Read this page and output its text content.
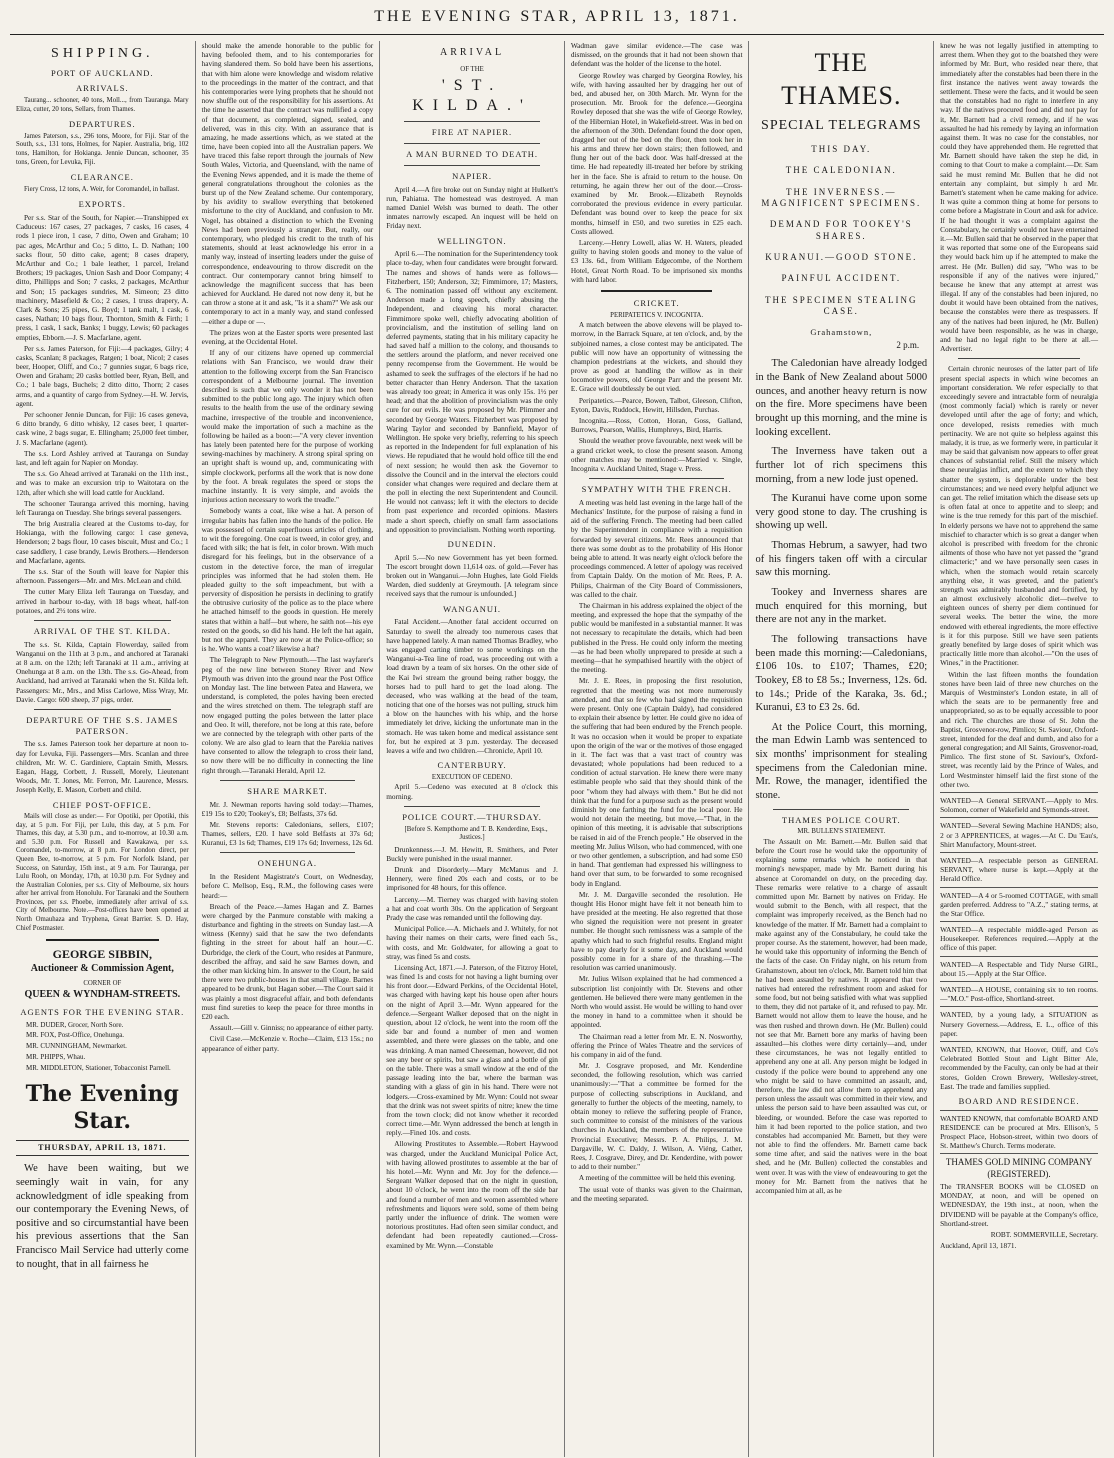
THE EVENING STAR, APRIL 13, 1871.
SHIPPING.
PORT OF AUCKLAND.
ARRIVALS.

Taurang... schooner, 40 tons, Moll..., from Tauranga. Mary Eliza, cutter, 20 tons, Sellars, from Thames.

DEPARTURES.

James Paterson, s.s., 296 tons, Moore, for Fiji. Star of the South, s.s., 131 tons, Holmes, for Napier. Australia, brig, 102 tons, Hamilton, for Hokianga. Jennie Duncan, schooner, 35 tons, Green, for Levuka, Fiji.

CLEARANCE.

Fiery Cross, 12 tons, A. Weir, for Coromandel, in ballast.

EXPORTS.

Per s.s. Star of the South, for Napier.—Transhipped ex Caduceus: 167 cases, 27 packages, 7 casks, 16 cases, 4 rods 1 piece iron, 1 case, 7 ditto, Owen and Graham; 10 pac ages, McArthur and Co.; 5 ditto, L. D. Nathan; 100 sacks flour, 50 ditto cake, agent; 8 cases drapery, McArthur and Co.; 1 bale leather, 1 parcel, Ireland Brothers; 19 packages, Union Sash and Door Company; 4 ditto, Phillipps and Son; 7 casks, 2 packages, McArthur and Son; 15 packages sundries, M. Simeon; 23 ditto machinery, Masefield & Co.; 2 cases, 1 truss drapery, A. Clark & Sons; 25 pipes, G. Boyd; 1 tank malt, 1 cask, 6 cases, Nathan; 10 bags flour, Thornton, Smith & Firth; 1 press, 1 cask, 1 sack, Banks; 1 buggy, Lewis; 60 packages empties, Ebborn.—J. S. Macfarlane, agent.

Per s.s. James Paterson, for Fiji:—4 packages, Gilry; 4 casks, Scanlan; 8 packages, Ratgen; 1 boat, Nicol; 2 cases beer, Hooper, Oliff, and Co.; 7 gunnies sugar, 6 bags rice, Owen and Graham; 20 casks bottled beer, Ryan, Bell, and Co.; 1 bale bags, Buchels; 2 ditto ditto, Thorn; 2 cases arms, and a quantity of cargo from Sydney.—H. W. Jervis, agent.

Per schooner Jennie Duncan, for Fiji: 16 cases geneva, 6 ditto brandy, 6 ditto whisky, 12 cases beer, 1 quarter-cask wine, 2 bags sugar, E. Ellingham; 25,000 feet timber, J. S. Macfarlane (agent).

The s.s. Lord Ashley arrived at Tauranga on Sunday last, and left again for Napier on Monday.

The s.s. Go Ahead arrived at Taranaki on the 11th inst., and was to make an excursion trip to Waitotara on the 12th, after which she will load cattle for Auckland.

The schooner Tauranga arrived this morning, having left Tauranga on Tuesday. She brings several passengers.

The brig Australia cleared at the Customs to-day, for Hokianga, with the following cargo: 1 case geneva, Henderson; 2 bags flour, 10 cases biscuit, Must and Co.; 1 case saddlery, 1 case brandy, Lewis Brothers.—Henderson and Macfarlane, agents.

The s.s. Star of the South will leave for Napier this afternoon. Passengers—Mr. and Mrs. McLean and child.

The cutter Mary Eliza left Tauranga on Tuesday, and arrived in harbour to-day, with 18 bags wheat, half-ton potatoes, and 2½ tons wire.

ARRIVAL OF THE ST. KILDA.

The s.s. St. Kilda, Captain Flowerday, sailed from Wanganui on the 11th at 3 p.m., and anchored at Taranaki at 8 a.m. on the 12th; left Taranaki at 11 a.m., arriving at Onehunga at 8 a.m. on the 13th. The s.s. Go-Ahead, from Auckland, had arrived at Taranaki when the St. Kilda left. Passengers: Mr., Mrs., and Miss Carlowe, Miss Wray, Mr. Davie. Cargo: 600 sheep, 37 pigs, order.

DEPARTURE OF THE S.S. JAMES PATERSON.

The s.s. James Paterson took her departure at noon to-day for Levuka, Fiji. Passengers—Mrs. Scanlan and three children, Mr. W. C. Gardiniere, Captain Smith, Messrs. Eagan, Hagg, Corbett, J. Russell, Morely, Lieutenant Woods, Mr. T. Jones, Mr. Ferron, Mr. Laurence, Messrs. Joseph Kelly, E. Mason, Corbett and child.

CHIEF POST-OFFICE.

Mails will close as under:— For Opotiki, per Opotiki, this day, at 5 p.m. For Fiji, per Lulu, this day, at 5 p.m. For Thames, this day, at 5.30 p.m., and to-morrow, at 10.30 a.m. and 5.30 p.m. For Russell and Kawakawa, per s.s. Coromandel, to-morrow, at 8 p.m. For London direct, per Queen Bee, to-morrow, at 5 p.m. For Norfolk Island, per Success, on Saturday, 15th inst., at 9 a.m. For Tauranga, per Lulu Rooh, on Monday, 17th, at 10.30 p.m. For Sydney and the Australian Colonies, per s.s. City of Melbourne, six hours after her arrival from Honolulu. For Taranaki and the Southern Provinces, per s.s. Phoebe, immediately after arrival of s.s. City of Melbourne. Note.—Post-offices have been opened at North Omauhaza and Tryphena, Great Barrier. S. D. Hay, Chief Postmaster.

GEORGE SIBBIN,
Auctioneer & Commission Agent,
CORNER OF
QUEEN & WYNDHAM-STREETS.
AGENTS FOR THE EVENING STAR.

MR. DUDER, Grocer, North Sore.

MR. FOX, Post-Office, Onehunga.

MR. CUNNINGHAM, Newmarket.

MR. PHIPPS, Whau.

MR. MIDDLETON, Stationer, Tobacconist Parnell.

The Evening Star.
THURSDAY, APRIL 13, 1871.

We have been waiting, but we seemingly wait in vain, for any acknowledgment of idle speaking from our contemporary the Evening News, of positive and so circumstantial have been his previous assertions that the San Francisco Mail Service had utterly come to nought, that in all fairness he

should make the amende honorable to the public for having befooled them, and to his contemporaries for having slandered them. So bold have been his assertions, that with him alone were knowledge and wisdom relative to the proceedings in the matter of the contract, and that his contemporaries were lying prophets that he should not now shuffle out of the responsibility for his assertions. At the time he asserted that the contract was nullified a copy of that document, as completed, signed, sealed, and delivered, was in this city. With an assurance that is amazing, he made assertions which, as we stated at the time, have been copied into all the Australian papers. We have traced this false report through the journals of New South Wales, Victoria, and Queensland, with the name of the Evening News appended, and it is made the theme of general congratulations throughout the colonies as the burst up of the New Zealand scheme. Our contemporary, by his avidity to swallow everything that betokened misfortune to the city of Auckland, and confusion to Mr. Vogel, has obtained a distinction to which the Evening News had been previously a stranger. But, really, our contemporary, who pledged his credit to the truth of his statements, should at least acknowledge his error in a manly way, instead of inserting leaders under the guise of correspondence, endeavouring to throw discredit on the contract. Our contemporary cannot bring himself to acknowledge the magnificent success that has been achieved for Auckland. He dared not now deny it, but he can throw a stone at it and ask, "Is it a sham?" We ask our contemporary to act in a manly way, and stand confessed—either a dupe or —.

The prizes won at the Easter sports were presented last evening, at the Occidental Hotel.

If any of our citizens have opened up commercial relations with San Francisco, we would draw their attention to the following excerpt from the San Francisco correspondent of a Melbourne journal. The invention described is such that we only wonder it has not been submitted to the public long ago. The injury which often results to the health from the use of the ordinary sewing machine, irrespective of the trouble and inconvenience, would make the importation of such a machine as the following be hailed as a boon:—"A very clever invention has lately been patented here for the purpose of working sewing-machines by machinery. A strong spiral spring on an upright shaft is wound up, and, communicating with simple clockwork, performs all the work that is now done by the foot. A break regulates the speed or stops the machine instantly. It is very simple, and avoids the injurious action necessary to work the treadle."

Somebody wants a coat, like wise a hat. A person of irregular habits has fallen into the hands of the police. He was possessed of certain superfluous articles of clothing, to wit the foregoing. One coat is tweed, in color grey, and faced with silk; the hat is felt, in color brown. With much disregard for his feelings, but in the observance of a custom in the detective force, the man of irregular principles was informed that he had stolen them. He pleaded guilty to the soft impeachment, but with a perversity of disposition he persists in declining to gratify the obtrusive curiosity of the police as to the place where he attached himself to the goods in question. He merely states that within a half—but where, he saith not—his eye rested on the goods, so did his hand. He left the hat again, but not the apparel. They are now at the Police-office; so is he. Who wants a coat? likewise a hat?

The Telegraph to New Plymouth.—The last wayfarer's peg of the new line between Stoney River and New Plymouth was driven into the ground near the Post Office on Monday last. The line between Patea and Hawera, we understand, is completed, the poles having been erected and the wires stretched on them. The telegraph staff are now engaged putting the poles between the latter place and Oeo. It will, therefore, not be long at this rate, before we are connected by the telegraph with other parts of the colony. We are also glad to learn that the Parekia natives have consented to allow the telegraph to cross their land, so now there will be no difficulty in connecting the line right through.—Taranaki Herald, April 12.

SHARE MARKET.

Mr. J. Newman reports having sold today:—Thames, £19 15s to £20; Tookey's, £8; Belfasts, 37s 6d.

Mr. Stevens reports: Caledonians, sellers, £107; Thames, sellers, £20. I have sold Belfasts at 37s 6d; Kuranui, £3 1s 6d; Thames, £19 17s 6d; Inverness, 12s 6d.

ONEHUNGA.

In the Resident Magistrate's Court, on Wednesday, before C. Mellsop, Esq., R.M., the following cases were heard:—

Breach of the Peace.—James Hagan and Z. Barnes were charged by the Panmure constable with making a disturbance and fighting in the streets on Sunday last.—A witness (Kenny) said that he saw the two defendants fighting in the street for about half an hour.—C. Durbridge, the clerk of the Court, who resides at Panmure, described the affray, and said he saw Barnes down, and the other man kicking him. In answer to the Court, he said there were two public-houses in that small village. Barnes appeared to be drunk, but Hagan sober.—The Court said it was plainly a most disgraceful affair, and both defendants must find sureties to keep the peace for three months in £20 each.

Assault.—Gill v. Ginniss; no appearance of either party.

Civil Case.—McKenzie v. Roche—Claim, £13 15s.; no appearance of either party.

ARRIVAL
OF THE
'ST. KILDA.'
FIRE AT NAPIER.
A MAN BURNED TO DEATH.
NAPIER.

April 4.—A fire broke out on Sunday night at Hulkett's run, Pahiatua. The homestead was destroyed. A man named Daniel Welsh was burned to death. The other inmates narrowly escaped. An inquest will be held on Friday next.

WELLINGTON.

April 6.—The nomination for the Superintendency took place to-day, when four candidates were brought forward. The names and shows of hands were as follows—Fitzherbert, 150; Anderson, 32; Fimmimore, 17; Masters, 6. The nomination passed off without any excitement. Anderson made a long speech, chiefly abusing the Independent, and cleaving his moral character. Fimmimore spoke well, chiefly advocating abolition of provincialism, and the institution of selling land on deferred payments, stating that in his military capacity he had saved half a million to the colony, and thousands to the settlers around the platform, and never received one penny recompense from the Government. He would be ashamed to seek the suffrages of the electors if he had no better character than Henry Anderson. That the taxation was already too great; in America it was only 15s. 1½ per head; and that the abolition of provincialism was the only cure for our evils. He was proposed by Mr. Plimmer and seconded by George Waters. Fitzherbert was proposed by Waring Taylor and seconded by Bannfield, Mayor of Wellington. He spoke very briefly, referring to his speech as reported in the Independent for full explanation of his views. He repudiated that he would hold office till the end of next session; he would then ask the Governor to dissolve the Council and in the interval the electors could consider what changes were required and declare them at the poll in electing the next Superintendent and Council. He would not canvass; left it with the electors to decide from past experience and recorded opinions. Masters made a short speech, chiefly on small farm associations and opposition to provincialism. Nothing worth reporting.

DUNEDIN.

April 5.—No new Government has yet been formed. The escort brought down 11,614 ozs. of gold.—Fever has broken out in Wanganui.—John Hughes, late Gold Fields Warden, died suddenly at Greymouth. [A telegram since received says that the rumour is unfounded.]

WANGANUI.

Fatal Accident.—Another fatal accident occurred on Saturday to swell the already too numerous cases that have happened lately. A man named Thomas Bradley, who was engaged carting timber to some workings on the Wanganui-a-Tea line of road, was proceeding out with a load drawn by a team of six horses. On the other side of the Kai Iwi stream the ground being rather boggy, the horses had to pull hard to get the load along. The deceased, who was walking at the head of the team, noticing that one of the horses was not pulling, struck him a blow on the haunches with his whip, and the horse immediately let drive, kicking the unfortunate man in the stomach. He was taken home and medical assistance sent for, but he expired at 3 p.m. yesterday. The deceased leaves a wife and two children.—Chronicle, April 10.

CANTERBURY.
EXECUTION OF CEDENO.

April 5.—Cedeno was executed at 8 o'clock this morning.

POLICE COURT.—THURSDAY.

[Before S. Kempthorne and T. B. Kenderdine, Esqs., Justices.]

Drunkenness.—J. M. Hewitt, R. Smithers, and Peter Buckly were punished in the usual manner.

Drunk and Disorderly.—Mary McManus and J. Hennery, were fined 20s each and costs, or to be imprisoned for 48 hours, for this offence.

Larceny.—M. Tierney was charged with having stolen a hat and coat worth 30s. On the application of Sergeant Prady the case was remanded until the following day.

Municipal Police.—A. Michaels and J. Whitely, for not having their names on their carts, were fined each 5s., with costs, and Mr. Goldwater, for allowing a goat to stray, was fined 5s and costs.

Licensing Act, 1871.—J. Paterson, of the Fitzroy Hotel, was fined 1s and costs for not having a light burning over his front door.—Edward Perkins, of the Occidental Hotel, was charged with having kept his house open after hours on the night of April 3.—Mr. Wynn appeared for the defence.—Sergeant Walker deposed that on the night in question, about 12 o'clock, he went into the room off the side bar and found a number of men and women assembled, and there were glasses on the table, and one was drinking. A man named Cheeseman, however, did not see any beer or spirits, but saw a glass and a bottle of gin on the table. There was a small window at the end of the passage leading into the bar, where the barman was standing with a glass of gin in his hand. There were not lodgers.—Cross-examined by Mr. Wynn: Could not swear that the drink was not sweet spirits of nitre; knew the time from the town clock; did not know whether it recorded correct time.—Mr. Wynn addressed the bench at length in reply.—Fined 10s. and costs.

Allowing Prostitutes to Assemble.—Robert Haywood was charged, under the Auckland Municipal Police Act, with having allowed prostitutes to assemble at the bar of his hotel.—Mr. Wynn and Mr. Joy for the defence.—Sergeant Walker deposed that on the night in question, about 10 o'clock, he went into the room off the side bar and found a number of men and women assembled where refreshments and liquors were sold, some of them being partly under the influence of drink. The women were notorious prostitutes. Had often seen similar conduct, and defendant had been repeatedly cautioned.—Cross-examined by Mr. Wynn.—Constable

Wadman gave similar evidence.—The case was dismissed, on the grounds that it had not been shown that defendant was the holder of the license to the hotel.

George Rowley was charged by Georgina Rowley, his wife, with having assaulted her by dragging her out of bed, and abused her, on 30th March. Mr. Wynn for the prosecution. Mr. Brook for the defence.—Georgina Rowley deposed that she was the wife of George Rowley, of the Hibernian Hotel, in Wakefield-street. Was in bed on the afternoon of the 30th. Defendant found the door open, dragged her out of the bed on the floor, then took her in his arms and threw her down stairs; then followed, and flung her out of the back door. Was half-dressed at the time. He had repeatedly ill-treated her before by striking her in the face. She is afraid to return to the house. On returning, he again threw her out of the door.—Cross-examined by Mr. Brook.—Elizabeth Reynolds corroborated the previous evidence in every particular. Defendant was bound over to keep the peace for six months, himself in £50, and two sureties in £25 each. Costs allowed.

Larceny.—Henry Lowell, alias W. H. Waters, pleaded guilty to having stolen goods and money to the value of £3 13s. 6d., from William Edgecombe, of the Northern Hotel, Great North Road. To be imprisoned six months with hard labor.

CRICKET.
PERIPATETICS V. INCOGNITA.

A match between the above elevens will be played to-morrow, in the Barrack Square, at ten o'clock, and, by the subjoined names, a close contest may be anticipated. The public will now have an opportunity of witnessing the champion pedestrians at the wickets, and should they prove as good at handling the willow as in their locomotive powers, old George Parr and the present Mr. E. Grace will doubtlessly be out vied.

Peripatetics.—Pearce, Bowen, Talbot, Gleeson, Clifton, Eyton, Davis, Ruddock, Hewitt, Hillsden, Purchas.

Incognita.—Ross, Cotton, Horan, Goss, Galland, Burrows, Pearson, Wallis, Humphreys, Bird, Harris.

Should the weather prove favourable, next week will be a grand cricket week, to close the present season. Among other matches may be mentioned:—Married v. Single, Incognita v. Auckland United, Stage v. Press.

SYMPATHY WITH THE FRENCH.

A meeting was held last evening in the large hall of the Mechanics' Institute, for the purpose of raising a fund in aid of the suffering French. The meeting had been called by the Superintendent in compliance with a requisition forwarded by several citizens. Mr. Rees announced that there was some doubt as to the probability of His Honor being able to attend. It was nearly eight o'clock before the proceedings commenced. A letter of apology was received from Captain Daldy. On the motion of Mr. Rees, P. A. Philips, Chairman of the City Board of Commissioners, was called to the chair.

The Chairman in his address explained the object of the meeting, and expressed the hope that the sympathy of the public would be manifested in a substantial manner. It was not necessary to recapitulate the details, which had been published in the Press. He could only inform the meeting—as he had been wholly unprepared to preside at such a meeting—that he sympathised heartily with the object of the meeting.

Mr. J. E. Rees, in proposing the first resolution, regretted that the meeting was not more numerously attended, and that so few who had signed the requisition were present. Only one (Captain Daldy), had considered to explain their absence by letter. He could give no idea of the suffering that had been endured by the French people. It was no occasion when it would be proper to expatiate upon the origin of the war or the motives of those engaged in it. The fact was that a vast tract of country was devastated; whole populations had been reduced to a condition of actual starvation. He knew there were many estimable people who said that they should think of the poor "whom they had always with them." But he did not think that the fund for a purpose such as the present would diminish by one farthing the fund for the local poor. He would not detain the meeting, but move,—"That, in the opinion of this meeting, it is advisable that subscriptions be raised in aid of the French people." He observed in the meeting Mr. Julius Wilson, who had commenced, with one or two other gentlemen, a subscription, and had some £50 in hand. That gentleman had expressed his willingness to hand over that sum, to be forwarded to some recognised body in England.

Mr. J. M. Dargaville seconded the resolution. He thought His Honor might have felt it not beneath him to have presided at the meeting. He also regretted that those who signed the requisition were not present in greater number. He thought such remissness was a sample of the apathy which had to such frightful results. England might have to pay dearly for it some day, and Auckland would possibly come in for a share of the thrashing.—The resolution was carried unanimously.

Mr. Julius Wilson explained that he had commenced a subscription list conjointly with Dr. Stevens and other gentlemen. He believed there were many gentlemen in the North who would assist. He would be willing to hand over the money in hand to a committee when it should be appointed.

The Chairman read a letter from Mr. E. N. Nosworthy, offering the Prince of Wales Theatre and the services of his company in aid of the fund.

Mr. J. Cosgrave proposed, and Mr. Kenderdine seconded, the following resolution, which was carried unanimously:—"That a committee be formed for the purpose of collecting subscriptions in Auckland, and generally to further the objects of the meeting, namely, to obtain money to relieve the suffering people of France, such committee to consist of the ministers of the various churches in Auckland, the members of the representative Provincial Executive; Messrs. P. A. Philips, J. M. Dargaville, W. C. Daldy, J. Wilson, A. Viéng, Cather, Rees, J. Cosgrave, Direy, and Dr. Kenderdine, with power to add to their number."

A meeting of the committee will be held this evening.

The usual vote of thanks was given to the Chairman, and the meeting separated.

THE THAMES.
SPECIAL TELEGRAMS
THIS DAY.
THE CALEDONIAN.
THE INVERNESS.—MAGNIFICENT SPECIMENS.
DEMAND FOR TOOKEY'S SHARES.
KURANUI.—GOOD STONE.
PAINFUL ACCIDENT.
THE SPECIMEN STEALING CASE.
Grahamstown,
2 p.m.

The Caledonian have already lodged in the Bank of New Zealand about 5000 ounces, and another heavy return is now on the fire. More specimens have been brought up this morning, and the mine is looking excellent.

The Inverness have taken out a further lot of rich specimens this morning, from a new lode just opened.

The Kuranui have come upon some very good stone to day. The crushing is showing up well.

Thomas Hebrum, a sawyer, had two of his fingers taken off with a circular saw this morning.

Tookey and Inverness shares are much enquired for this morning, but there are not any in the market.

The following transactions have been made this morning:—Caledonians, £106 10s. to £107; Thames, £20; Tookey, £8 to £8 5s.; Inverness, 12s. 6d. to 14s.; Pride of the Karaka, 3s. 6d.; Kuranui, £3 to £3 2s. 6d.

At the Police Court, this morning, the man Edwin Lamb was sentenced to six months' imprisonment for stealing specimens from the Caledonian mine. Mr. Rowe, the manager, identified the stone.

THAMES POLICE COURT.
MR. BULLEN'S STATEMENT.

The Assault on Mr. Barnett.—Mr. Bullen said that before the Court rose he would take the opportunity of explaining some remarks which he noticed in that morning's newspaper, made by Mr. Barnett during his absence at Coromandel on duty, on the preceding day. These remarks were relative to a charge of assault committed upon Mr. Barnett by natives on Friday. He would submit to the Bench, with all respect, that the complaint was improperly received, as the Bench had no knowledge of the matter. If Mr. Barnett had a complaint to make against any of the Constabulary, he could take the proper course. As the statement, however, had been made, he would take this opportunity of informing the Bench of the facts of the case. On Friday night, on his return from Grahamstown, about ten o'clock, Mr. Barnett told him that he had been assaulted by natives. It appeared that two natives had entered the refreshment room and asked for some food, but not being satisfied with what was supplied to them, they did not partake of it, and refused to pay. Mr. Barnett would not allow them to leave the house, and he was then rushed and thrown down. He (Mr. Bullen) could not see that Mr. Barnett bore any marks of having been assaulted—his clothes were dirty certainly—and, under these circumstances, he was not legally entitled to apprehend any one at all. Any person might be lodged in custody if the police were bound to apprehend any one who might be said to have committed an assault, and, therefore, the law did not allow them to apprehend any person unless the assault was committed in their view, and unless the person said to have been assaulted was cut, or bleeding, or wounded. Before the case was reported to him it had been reported to the police station, and two constables had accompanied Mr. Barnett, but they were not able to find the offenders. Mr. Barnett came back some time after, and said the natives were in the boat shed, and he (Mr. Bullen) collected the constables and went over. It was with the view of endeavouring to get the money for Mr. Barnett from the natives that he accompanied him at all, as he

knew he was not legally justified in attempting to arrest them. When they got to the boatshed they were informed by Mr. Burt, who resided near there, that immediately after the constables had been there in the first instance the natives went away towards the settlement. These were the facts, and it would be seen that the constables had no right to interfere in any way. If the natives procured food and did not pay for it, Mr. Barnett had a civil remedy, and if he was assaulted he had his remedy by laying an information against them. It was no case for the constables, nor could they have apprehended them. He regretted that Mr. Barnett should have taken the step he did, in coming to that Court to make a complaint.—Dr. Sam said he must remind Mr. Bullen that he did not entertain any complaint, but simply h ard Mr. Barnett's statement when he came making for advice. It was quite a common thing at home for persons to come before a Magistrate in Court and ask for advice. If he had thought it was a complaint against the Constabulary, he certainly would not have entertained it.—Mr. Bullen said that he observed in the paper that it was reported that some one of the Europeans said they would back him up if he attempted to make the arrest. He (Mr. Bullen) did say, "Who was to be responsible if any of the natives were injured," because he knew that any attempt at arrest was illegal. If any of the constables had been injured, no doubt it would have been obtained from the natives, because the constables were there as trespassers. If any of the natives had been injured, he (Mr. Bullen) would have been responsible, as he was in charge, and he had no legal right to be there at all.—Advertiser.

Certain chronic neuroses of the latter part of life present special aspects in which wine becomes an important consideration. We refer especially to that exceedingly severe and intractable form of neuralgia (most commonly facial) which is rarely or never developed until after the age of forty; and which, once developed, resists remedies with much pertinacity. We are not quite so helpless against this malady, it is true, as we formerly were, in particular it may be said that galvanism now appears to offer great chances of substantial relief. Still the misery which these neuralgias inflict, and the extent to which they shatter the system, is deplorable under the best circumstances; and we need every helpful adjunct we can get. The relief imitation which the disease sets up is often fatal at once to appetite and to sleep; and wine is the true remedy for this part of the mischief. In elderly persons we have not to apprehend the same mischief to character which is so great a danger when alcohol is prescribed with freedom for the chronic ailments of those who have not yet passed the "grand climacteric;" and we have personally seen cases in which, when the stomach would retain scarcely anything else, it was greeted, and the patient's strength was admirably husbanded and fortified, by an almost exclusively alcoholic diet—twelve to eighteen ounces of sherry per diem continued for several weeks. The better the wine, the more endowed with ethereal ingredients, the more effective is it for this purpose. Still we have seen patients greatly benefited by large doses of spirit which was practically little more than alcohol.—"On the uses of Wines," in the Practitioner.

Within the last fifteen months the foundation stones have been laid of three new churches on the Marquis of Westminster's London estate, in all of which the seats are to be permanently free and unappropriated, so as to be equally accessible to poor and rich. The churches are those of St. John the Baptist, Grosvenor-row, Pimlico; St. Saviour, Oxford-street, intended for the deaf and dumb, and also for a general congregation; and All Saints, Grosvenor-road, Pimlico. The first stone of St. Saviour's, Oxford-street, was recently laid by the Prince of Wales, and Lord Westminster himself laid the first stone of the other two.

WANTED—A General SERVANT.—Apply to Mrs. Solomon, corner of Wakefield and Symonds-street.

WANTED—Several Sewing Machine HANDS; also, 2 or 3 APPRENTICES, at wages.—At C. Du 'Eau's, Shirt Manufactory, Mount-street.

WANTED—A respectable person as GENERAL SERVANT, where nurse is kept.—Apply at the Herald Office.

WANTED—A 4 or 5-roomed COTTAGE, with small garden preferred. Address to "A.Z.," stating terms, at the Star Office.

WANTED—A respectable middle-aged Person as Housekeeper. References required.—Apply at the office of this paper.

WANTED—A Respectable and Tidy Nurse GIRL, about 15.—Apply at the Star Office.

WANTED—A HOUSE, containing six to ten rooms.—"M.O." Post-office, Shortland-street.

WANTED, by a young lady, a SITUATION as Nursery Governess.—Address, E. L., office of this paper.

WANTED, KNOWN, that Hoover, Oliff, and Co's Celebrated Bottled Stout and Light Bitter Ale, recommended by the Faculty, can only be had at their stores, Golden Crown Brewery, Wellesley-street, East. The trade and families supplied.

BOARD AND RESIDENCE.

WANTED KNOWN, that comfortable BOARD AND RESIDENCE can be procured at Mrs. Ellison's, 5 Prospect Place, Hobson-street, within two doors of St. Matthew's Church. Terms moderate.

THAMES GOLD MINING COMPANY (REGISTERED).

The TRANSFER BOOKS will be CLOSED on MONDAY, at noon, and will be opened on WEDNESDAY, the 19th inst., at noon, when the DIVIDEND will be payable at the Company's office, Shortland-street.

ROBT. SOMMERVILLE, Secretary.

Auckland, April 13, 1871.
